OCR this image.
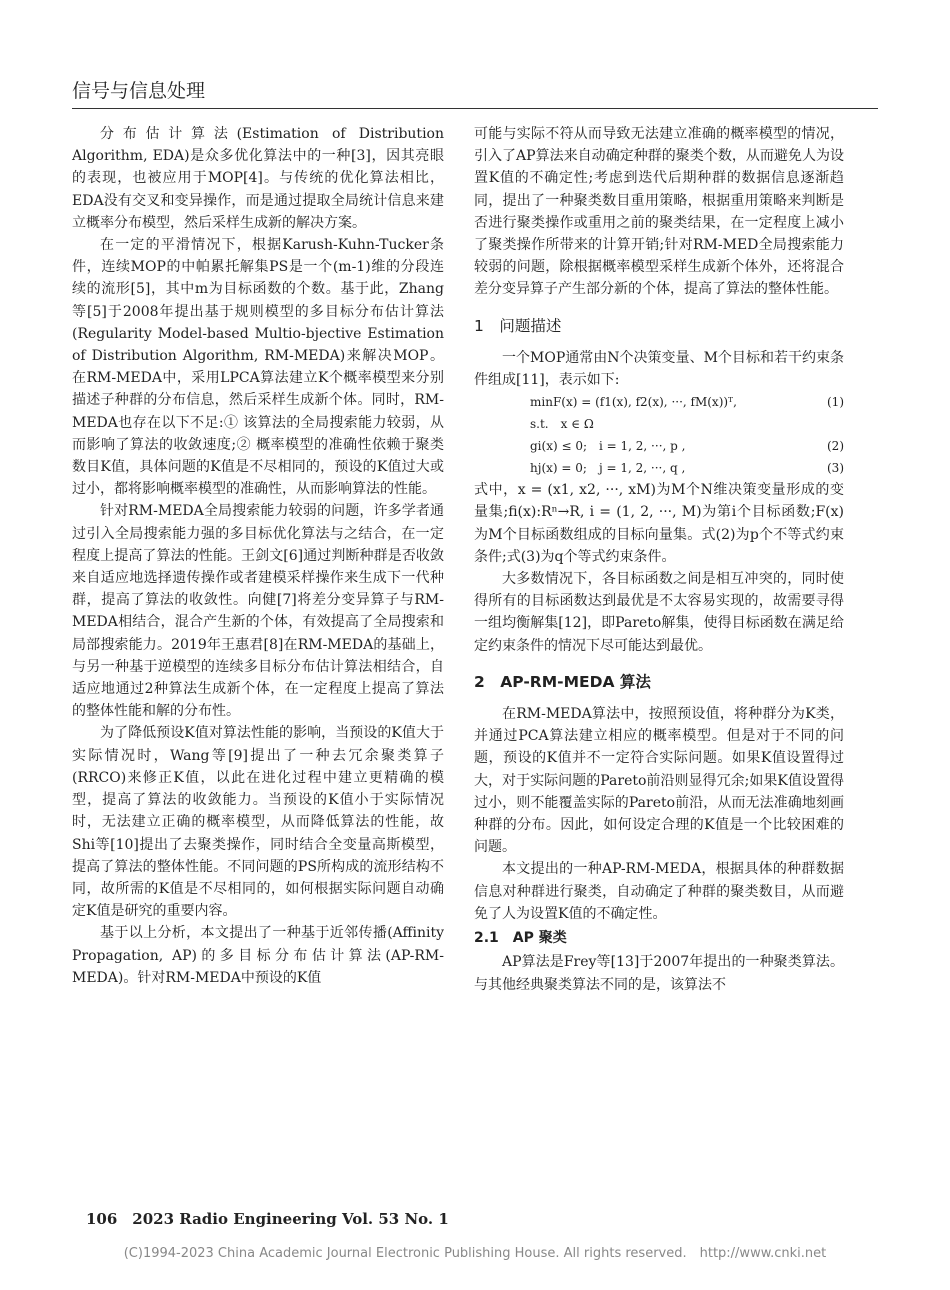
信号与信息处理

分布估计算法(Estimation of Distribution Algorithm, EDA)是众多优化算法中的一种[3]，因其亮眼的表现，也被应用于MOP[4]。与传统的优化算法相比，EDA没有交叉和变异操作，而是通过提取全局统计信息来建立概率分布模型，然后采样生成新的解决方案。

在一定的平滑情况下，根据Karush-Kuhn-Tucker条件，连续MOP的中帕累托解集PS是一个(m-1)维的分段连续的流形[5]，其中m为目标函数的个数。基于此，Zhang等[5]于2008年提出基于规则模型的多目标分布估计算法(Regularity Model-based Multio-bjective Estimation of Distribution Algorithm, RM-MEDA)来解决MOP。在RM-MEDA中，采用LPCA算法建立K个概率模型来分别描述子种群的分布信息，然后采样生成新个体。同时，RM-MEDA也存在以下不足:① 该算法的全局搜索能力较弱，从而影响了算法的收敛速度;② 概率模型的准确性依赖于聚类数目K值，具体问题的K值是不尽相同的，预设的K值过大或过小，都将影响概率模型的准确性，从而影响算法的性能。

针对RM-MEDA全局搜索能力较弱的问题，许多学者通过引入全局搜索能力强的多目标优化算法与之结合，在一定程度上提高了算法的性能。王剑文[6]通过判断种群是否收敛来自适应地选择遗传操作或者建模采样操作来生成下一代种群，提高了算法的收敛性。向健[7]将差分变异算子与RM-MEDA相结合，混合产生新的个体，有效提高了全局搜索和局部搜索能力。2019年王惠君[8]在RM-MEDA的基础上，与另一种基于逆模型的连续多目标分布估计算法相结合，自适应地通过2种算法生成新个体，在一定程度上提高了算法的整体性能和解的分布性。

为了降低预设K值对算法性能的影响，当预设的K值大于实际情况时，Wang等[9]提出了一种去冗余聚类算子(RRCO)来修正K值，以此在进化过程中建立更精确的模型，提高了算法的收敛能力。当预设的K值小于实际情况时，无法建立正确的概率模型，从而降低算法的性能，故Shi等[10]提出了去聚类操作，同时结合全变量高斯模型，提高了算法的整体性能。不同问题的PS所构成的流形结构不同，故所需的K值是不尽相同的，如何根据实际问题自动确定K值是研究的重要内容。

基于以上分析，本文提出了一种基于近邻传播(Affinity Propagation, AP)的多目标分布估计算法(AP-RM-MEDA)。针对RM-MEDA中预设的K值

可能与实际不符从而导致无法建立准确的概率模型的情况，引入了AP算法来自动确定种群的聚类个数，从而避免人为设置K值的不确定性;考虑到迭代后期种群的数据信息逐渐趋同，提出了一种聚类数目重用策略，根据重用策略来判断是否进行聚类操作或重用之前的聚类结果，在一定程度上减小了聚类操作所带来的计算开销;针对RM-MED全局搜索能力较弱的问题，除根据概率模型采样生成新个体外，还将混合差分变异算子产生部分新的个体，提高了算法的整体性能。

1　问题描述

一个MOP通常由N个决策变量、M个目标和若干约束条件组成[11]，表示如下:

minF(x) = (f1(x), f2(x), ···, fM(x))ᵀ,	(1)
s.t.　x ∈ Ω
gi(x) ≤ 0;　i = 1, 2, ···, p ,	(2)
hj(x) = 0;　j = 1, 2, ···, q ,	(3)

式中，x = (x1, x2, ···, xM)为M个N维决策变量形成的变量集;fi(x):Rⁿ→R, i = (1, 2, ···, M)为第i个目标函数;F(x)为M个目标函数组成的目标向量集。式(2)为p个不等式约束条件;式(3)为q个等式约束条件。

大多数情况下，各目标函数之间是相互冲突的，同时使得所有的目标函数达到最优是不太容易实现的，故需要寻得一组均衡解集[12]，即Pareto解集，使得目标函数在满足给定约束条件的情况下尽可能达到最优。

2　AP-RM-MEDA 算法

在RM-MEDA算法中，按照预设值，将种群分为K类，并通过PCA算法建立相应的概率模型。但是对于不同的问题，预设的K值并不一定符合实际问题。如果K值设置得过大，对于实际问题的Pareto前沿则显得冗余;如果K值设置得过小，则不能覆盖实际的Pareto前沿，从而无法准确地刻画种群的分布。因此，如何设定合理的K值是一个比较困难的问题。

本文提出的一种AP-RM-MEDA，根据具体的种群数据信息对种群进行聚类，自动确定了种群的聚类数目，从而避免了人为设置K值的不确定性。

2.1　AP 聚类

AP算法是Frey等[13]于2007年提出的一种聚类算法。与其他经典聚类算法不同的是，该算法不

106　2023 Radio Engineering Vol. 53 No. 1
(C)1994-2023 China Academic Journal Electronic Publishing House. All rights reserved.　http://www.cnki.net
